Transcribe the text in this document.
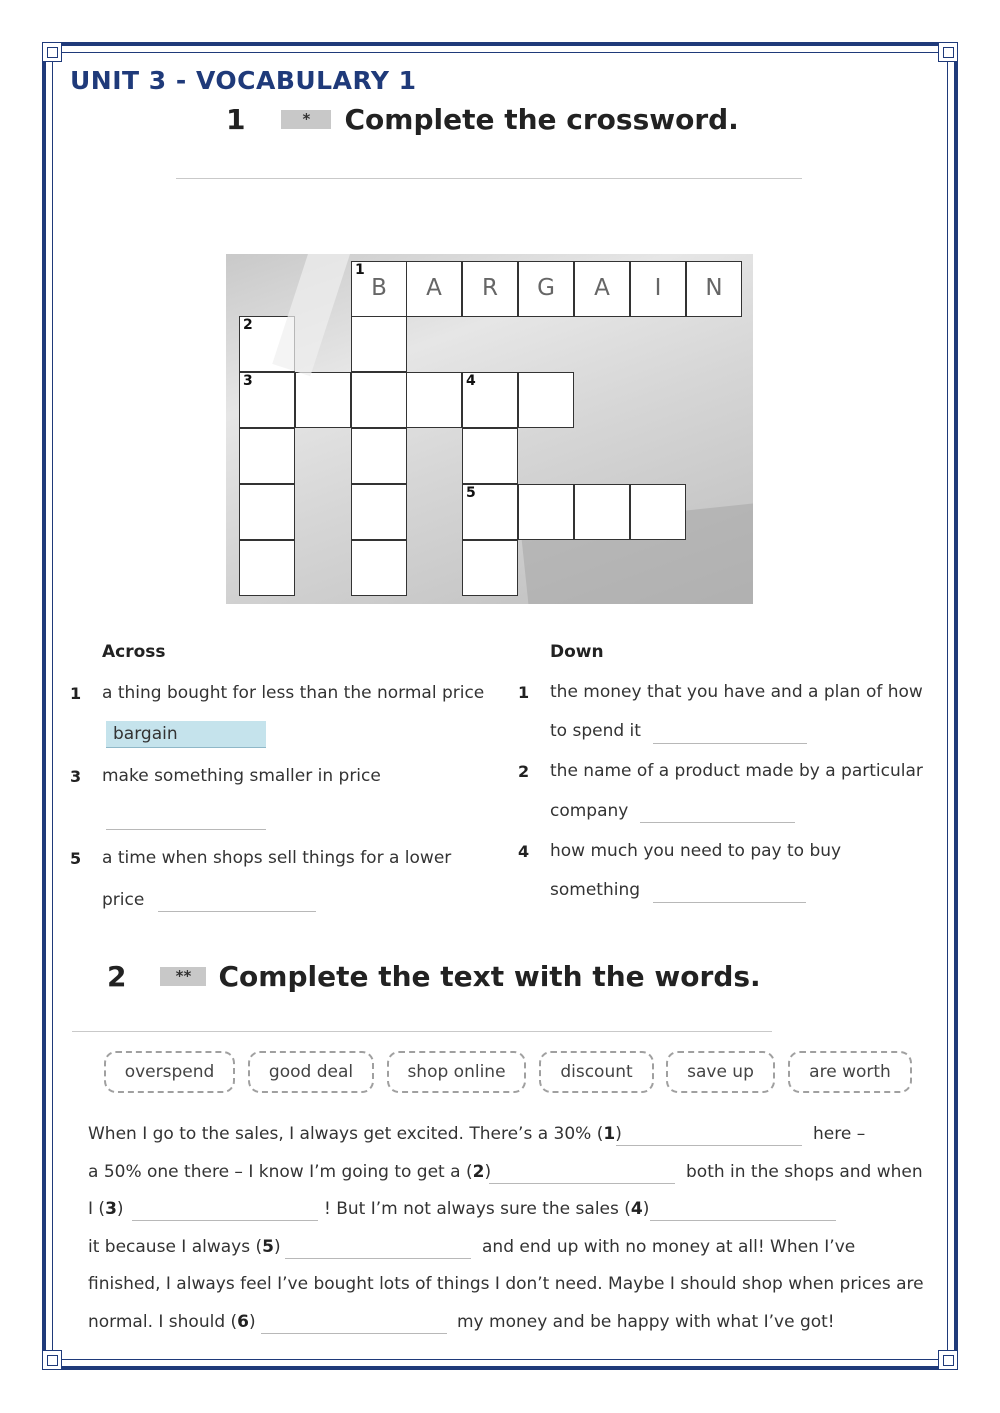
UNIT 3 - VOCABULARY 1
1	*	Complete the crossword.
1
B	A	R	G	A	I	N
2
3	4
5
Across	Down
1 a thing bought for less than the normal price
bargain
3 make something smaller in price
5 a time when shops sell things for a lower
price
1 the money that you have and a plan of how
to spend it
2 the name of a product made by a particular
company
4 how much you need to pay to buy
something
2	** Complete the text with the words.
overspend	good deal	shop online	discount	save up	are worth
When I go to the sales, I always get excited. There’s a 30% (1)	here –
a 50% one there – I know I’m going to get a (2)	both in the shops and when
I (3)	! But I’m not always sure the sales (4)
it because I always (5)	and end up with no money at all! When I’ve
finished, I always feel I’ve bought lots of things I don’t need. Maybe I should shop when prices are
normal. I should (6)	my money and be happy with what I’ve got!
